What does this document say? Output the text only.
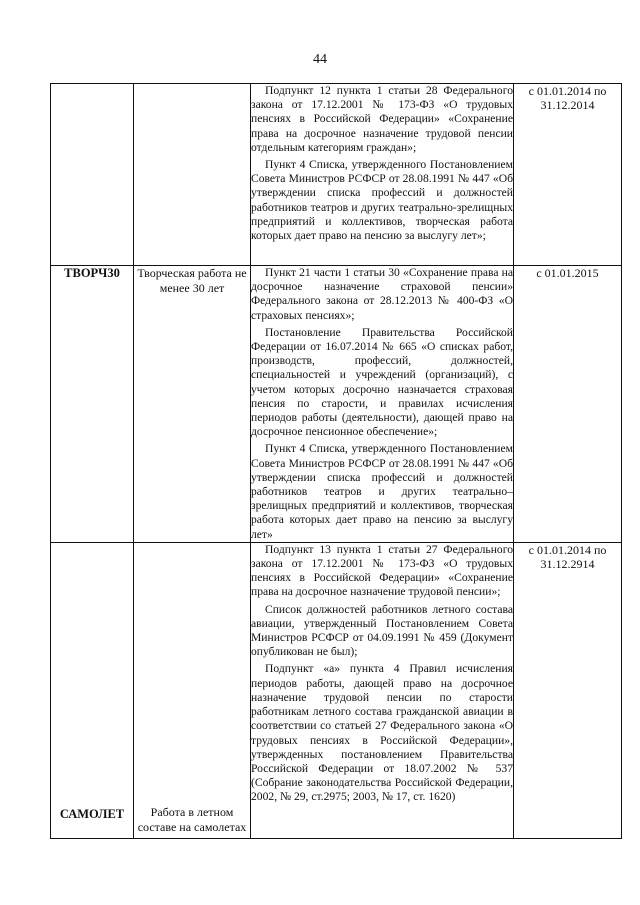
44

		Подпункт 12 пункта 1 статьи 28 Федерального закона от 17.12.2001 № 173-ФЗ «О трудовых пенсиях в Российской Федерации» «Сохранение права на досрочное назначение трудовой пенсии отдельным категориям граждан»;

Пункт 4 Списка, утвержденного Постановлением Совета Министров РСФСР от 28.08.1991 № 447 «Об утверждении списка профессий и должностей работников театров и других театрально-зрелищных предприятий и коллективов, творческая работа которых дает право на пенсию за выслугу лет»;	с 01.01.2014 по 31.12.2014
ТВОРЧ30	Творческая работа не менее 30 лет	Пункт 21 части 1 статьи 30 «Сохранение права на досрочное назначение страховой пенсии» Федерального закона от 28.12.2013 № 400-ФЗ «О страховых пенсиях»;

Постановление Правительства Российской Федерации от 16.07.2014 № 665 «О списках работ, производств, профессий, должностей, специальностей и учреждений (организаций), с учетом которых досрочно назначается страховая пенсия по старости, и правилах исчисления периодов работы (деятельности), дающей право на досрочное пенсионное обеспечение»;

Пункт 4 Списка, утвержденного Постановлением Совета Министров РСФСР от 28.08.1991 № 447 «Об утверждении списка профессий и должностей работников театров и других театрально–зрелищных предприятий и коллективов, творческая работа которых дает право на пенсию за выслугу лет»	с 01.01.2015
САМОЛЕТ	Работа в летном составе на самолетах	Подпункт 13 пункта 1 статьи 27 Федерального закона от 17.12.2001 № 173-ФЗ «О трудовых пенсиях в Российской Федерации» «Сохранение права на досрочное назначение трудовой пенсии»;

Список должностей работников летного состава авиации, утвержденный Постановлением Совета Министров РСФСР от 04.09.1991 № 459 (Документ опубликован не был);

Подпункт «а» пункта 4 Правил исчисления периодов работы, дающей право на досрочное назначение трудовой пенсии по старости работникам летного состава гражданской авиации в соответствии со статьей 27 Федерального закона «О трудовых пенсиях в Российской Федерации», утвержденных постановлением Правительства Российской Федерации от 18.07.2002 № 537 (Собрание законодательства Российской Федерации, 2002, № 29, ст.2975; 2003, № 17, ст. 1620)	с 01.01.2014 по 31.12.2914
